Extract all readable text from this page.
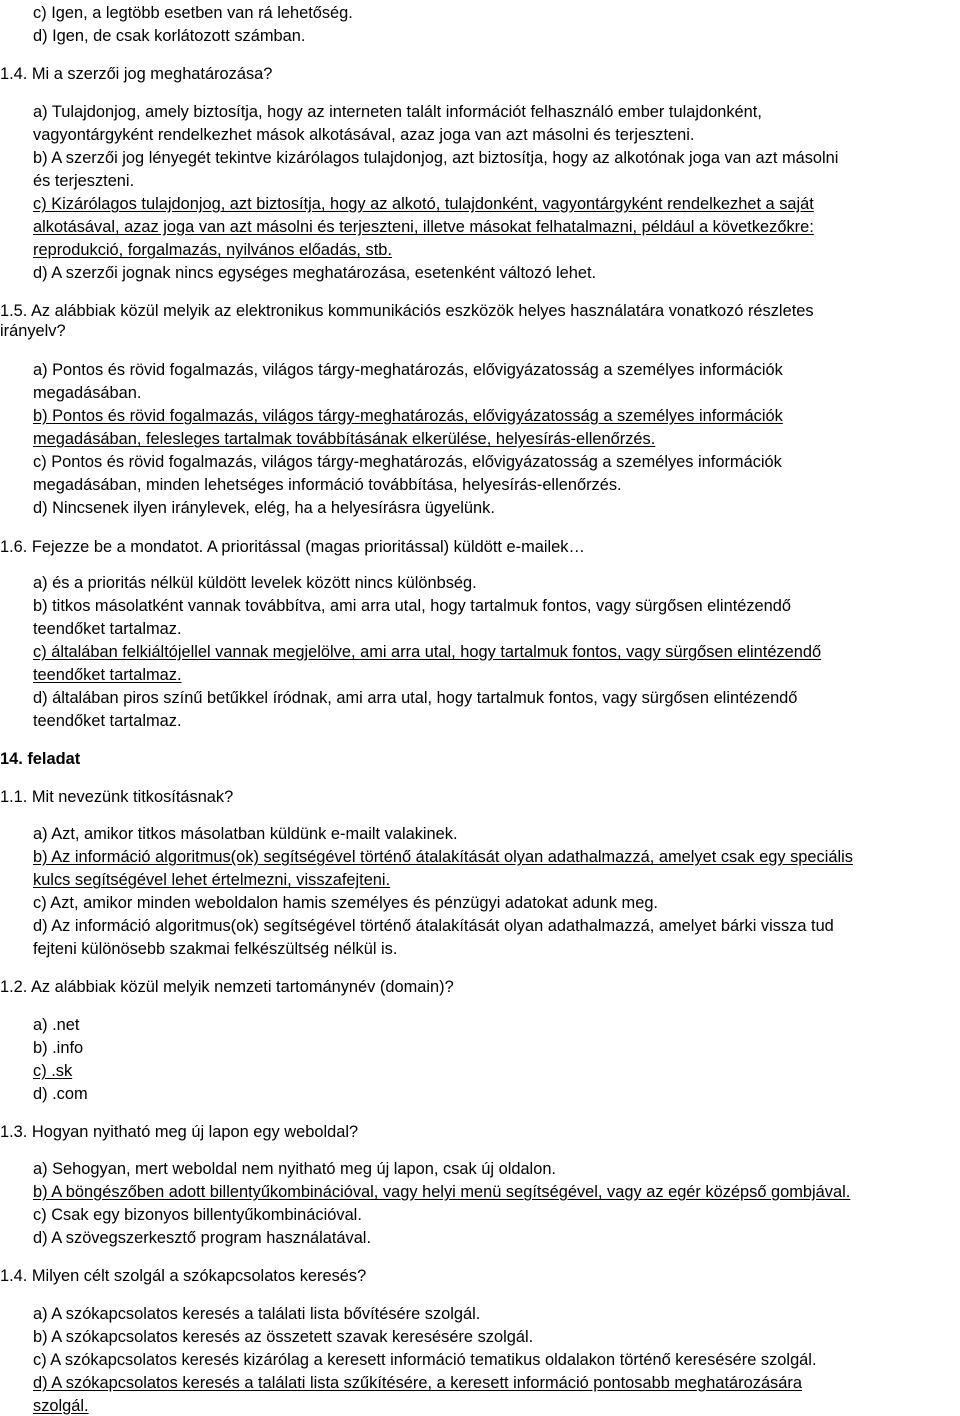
c) Igen, a legtöbb esetben van rá lehetőség.
d) Igen, de csak korlátozott számban.
1.4. Mi a szerzői jog meghatározása?
a) Tulajdonjog, amely biztosítja, hogy az interneten talált információt felhasználó ember tulajdonként,
vagyontárgyként rendelkezhet mások alkotásával, azaz joga van azt másolni és terjeszteni.
b) A szerzői jog lényegét tekintve kizárólagos tulajdonjog, azt biztosítja, hogy az alkotónak joga van azt másolni
és terjeszteni.
c) Kizárólagos tulajdonjog, azt biztosítja, hogy az alkotó, tulajdonként, vagyontárgyként rendelkezhet a saját
alkotásával, azaz joga van azt másolni és terjeszteni, illetve másokat felhatalmazni, például a következőkre:
reprodukció, forgalmazás, nyilvános előadás, stb.
d) A szerzői jognak nincs egységes meghatározása, esetenként változó lehet.
1.5. Az alábbiak közül melyik az elektronikus kommunikációs eszközök helyes használatára vonatkozó részletes
irányelv?
a) Pontos és rövid fogalmazás, világos tárgy-meghatározás, elővigyázatosság a személyes információk
megadásában.
b) Pontos és rövid fogalmazás, világos tárgy-meghatározás, elővigyázatosság a személyes információk
megadásában, felesleges tartalmak továbbításának elkerülése, helyesírás-ellenőrzés.
c) Pontos és rövid fogalmazás, világos tárgy-meghatározás, elővigyázatosság a személyes információk
megadásában, minden lehetséges információ továbbítása, helyesírás-ellenőrzés.
d) Nincsenek ilyen iránylevek, elég, ha a helyesírásra ügyelünk.
1.6. Fejezze be a mondatot. A prioritással (magas prioritással) küldött e-mailek…
a) és a prioritás nélkül küldött levelek között nincs különbség.
b) titkos másolatként vannak továbbítva, ami arra utal, hogy tartalmuk fontos, vagy sürgősen elintézendő
teendőket tartalmaz.
c) általában felkiáltójellel vannak megjelölve, ami arra utal, hogy tartalmuk fontos, vagy sürgősen elintézendő
teendőket tartalmaz.
d) általában piros színű betűkkel íródnak, ami arra utal, hogy tartalmuk fontos, vagy sürgősen elintézendő
teendőket tartalmaz.
14. feladat
1.1. Mit nevezünk titkosításnak?
a) Azt, amikor titkos másolatban küldünk e-mailt valakinek.
b) Az információ algoritmus(ok) segítségével történő átalakítását olyan adathalmazzá, amelyet csak egy speciális
kulcs segítségével lehet értelmezni, visszafejteni.
c) Azt, amikor minden weboldalon hamis személyes és pénzügyi adatokat adunk meg.
d) Az információ algoritmus(ok) segítségével történő átalakítását olyan adathalmazzá, amelyet bárki vissza tud
fejteni különösebb szakmai felkészültség nélkül is.
1.2. Az alábbiak közül melyik nemzeti tartománynév (domain)?
a) .net
b) .info
c) .sk
d) .com
1.3. Hogyan nyitható meg új lapon egy weboldal?
a) Sehogyan, mert weboldal nem nyitható meg új lapon, csak új oldalon.
b) A böngészőben adott billentyűkombinációval, vagy helyi menü segítségével, vagy az egér középső gombjával.
c) Csak egy bizonyos billentyűkombinációval.
d) A szövegszerkesztő program használatával.
1.4. Milyen célt szolgál a szókapcsolatos keresés?
a) A szókapcsolatos keresés a találati lista bővítésére szolgál.
b) A szókapcsolatos keresés az összetett szavak keresésére szolgál.
c) A szókapcsolatos keresés kizárólag a keresett információ tematikus oldalakon történő keresésére szolgál.
d) A szókapcsolatos keresés a találati lista szűkítésére, a keresett információ pontosabb meghatározására
szolgál.
